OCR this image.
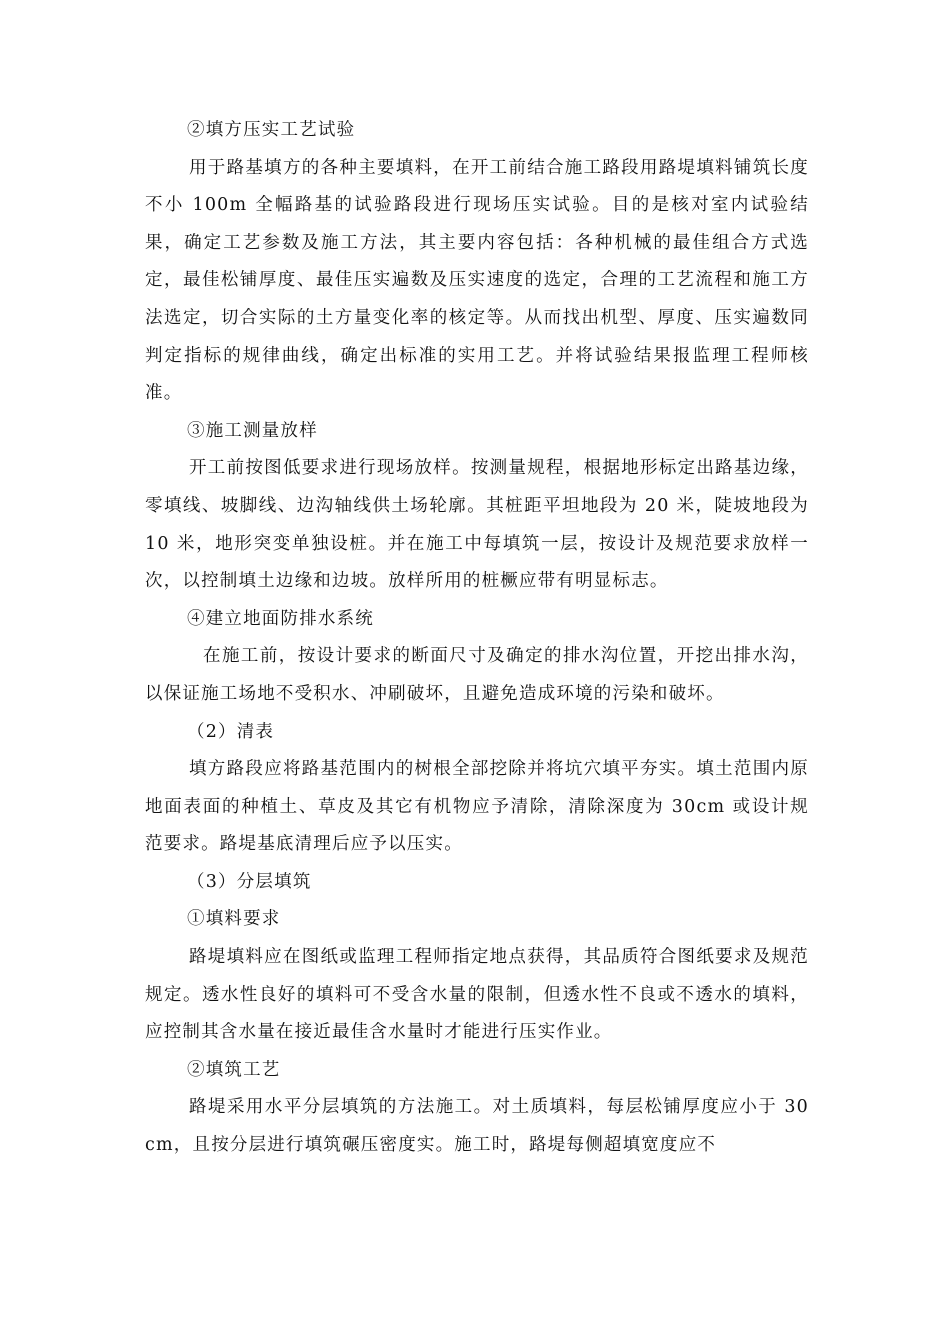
②填方压实工艺试验

用于路基填方的各种主要填料，在开工前结合施工路段用路堤填料铺筑长度不小 100m 全幅路基的试验路段进行现场压实试验。目的是核对室内试验结果，确定工艺参数及施工方法，其主要内容包括：各种机械的最佳组合方式选定，最佳松铺厚度、最佳压实遍数及压实速度的选定，合理的工艺流程和施工方法选定，切合实际的土方量变化率的核定等。从而找出机型、厚度、压实遍数同判定指标的规律曲线，确定出标准的实用工艺。并将试验结果报监理工程师核准。

③施工测量放样

开工前按图低要求进行现场放样。按测量规程，根据地形标定出路基边缘，零填线、坡脚线、边沟轴线供土场轮廓。其桩距平坦地段为 20 米，陡坡地段为 10 米，地形突变单独设桩。并在施工中每填筑一层，按设计及规范要求放样一次，以控制填土边缘和边坡。放样所用的桩橛应带有明显标志。

④建立地面防排水系统

在施工前，按设计要求的断面尺寸及确定的排水沟位置，开挖出排水沟，以保证施工场地不受积水、冲刷破坏，且避免造成环境的污染和破坏。

（2）清表

填方路段应将路基范围内的树根全部挖除并将坑穴填平夯实。填土范围内原地面表面的种植土、草皮及其它有机物应予清除，清除深度为 30cm 或设计规范要求。路堤基底清理后应予以压实。

（3）分层填筑

①填料要求

路堤填料应在图纸或监理工程师指定地点获得，其品质符合图纸要求及规范规定。透水性良好的填料可不受含水量的限制，但透水性不良或不透水的填料，应控制其含水量在接近最佳含水量时才能进行压实作业。

②填筑工艺

路堤采用水平分层填筑的方法施工。对土质填料，每层松铺厚度应小于 30cm，且按分层进行填筑碾压密度实。施工时，路堤每侧超填宽度应不
